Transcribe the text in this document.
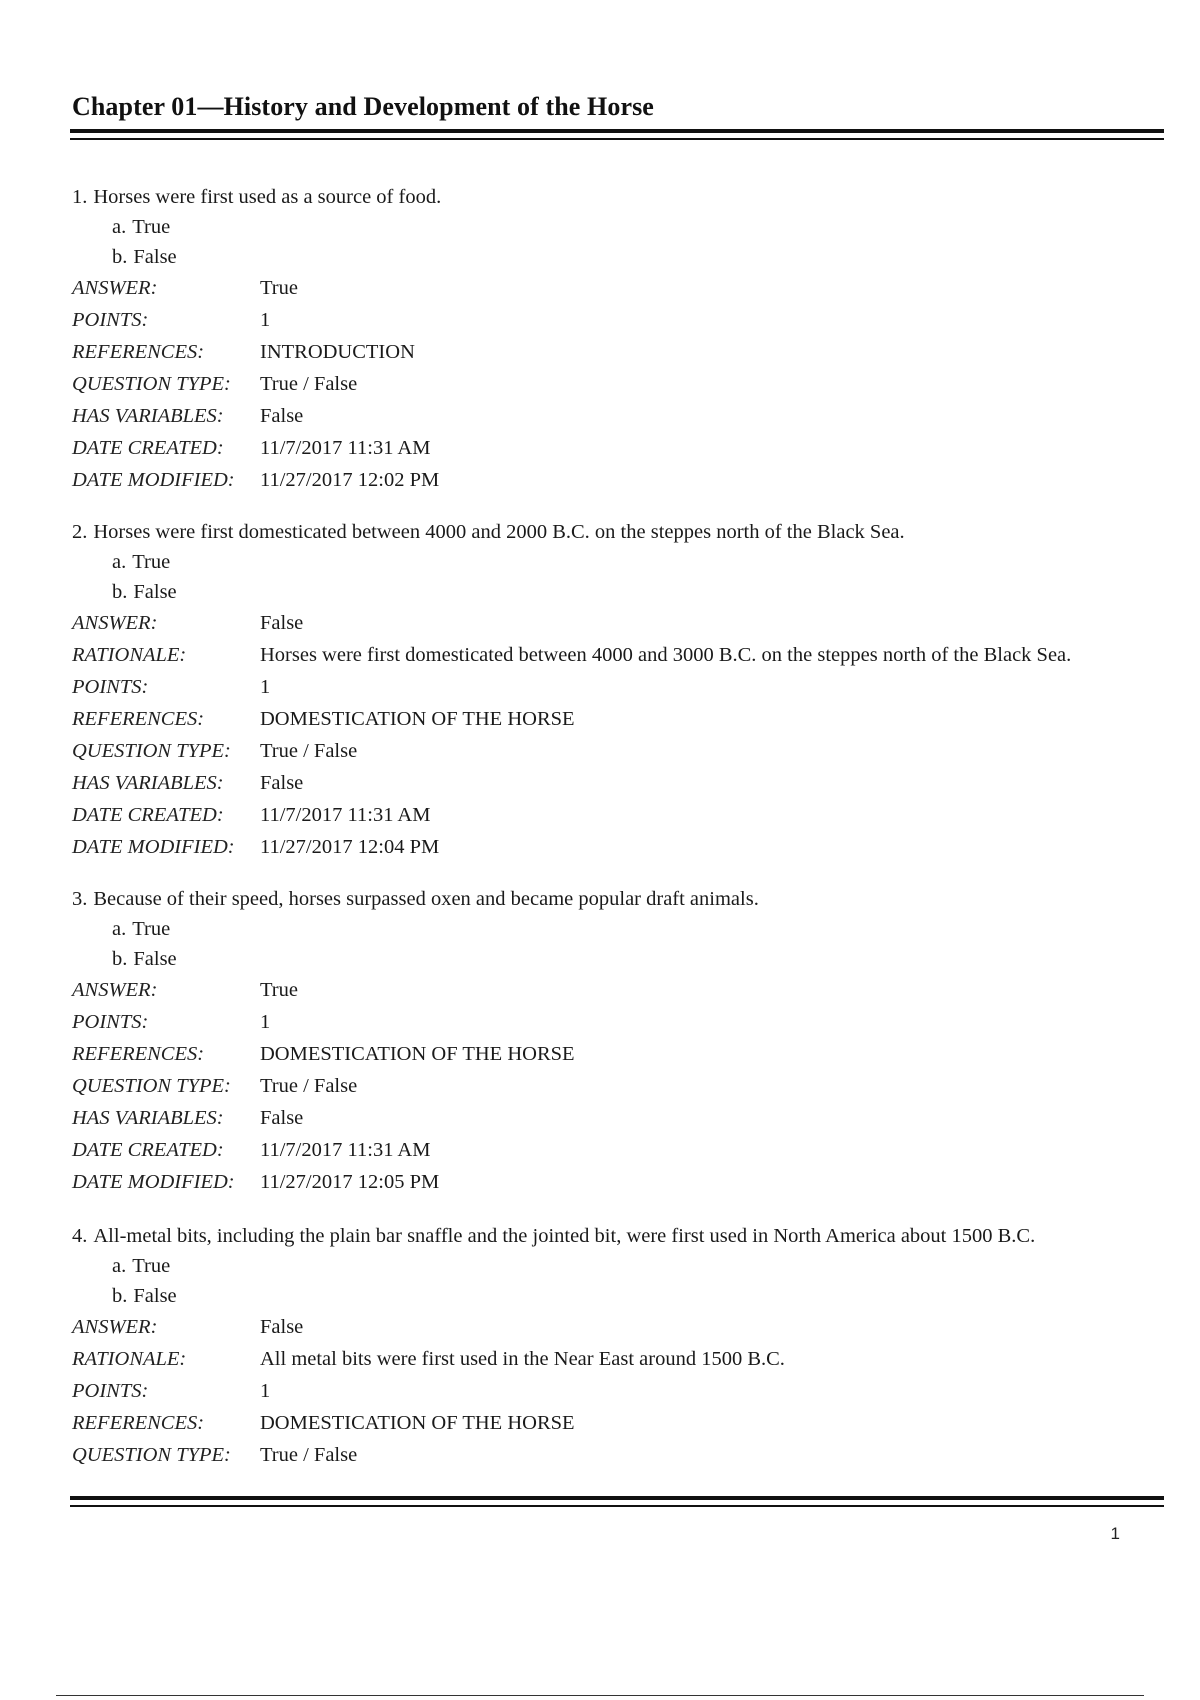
Chapter 01—History and Development of the Horse
1. Horses were first used as a source of food.
a. True
b. False
ANSWER:	True
POINTS:	1
REFERENCES:	INTRODUCTION
QUESTION TYPE:	True / False
HAS VARIABLES:	False
DATE CREATED:	11/7/2017 11:31 AM
DATE MODIFIED:	11/27/2017 12:02 PM
2. Horses were first domesticated between 4000 and 2000 B.C. on the steppes north of the Black Sea.
a. True
b. False
ANSWER:	False
RATIONALE:	Horses were first domesticated between 4000 and 3000 B.C. on the steppes north of the Black Sea.
POINTS:	1
REFERENCES:	DOMESTICATION OF THE HORSE
QUESTION TYPE:	True / False
HAS VARIABLES:	False
DATE CREATED:	11/7/2017 11:31 AM
DATE MODIFIED:	11/27/2017 12:04 PM
3. Because of their speed, horses surpassed oxen and became popular draft animals.
a. True
b. False
ANSWER:	True
POINTS:	1
REFERENCES:	DOMESTICATION OF THE HORSE
QUESTION TYPE:	True / False
HAS VARIABLES:	False
DATE CREATED:	11/7/2017 11:31 AM
DATE MODIFIED:	11/27/2017 12:05 PM
4. All-metal bits, including the plain bar snaffle and the jointed bit, were first used in North America about 1500 B.C.
a. True
b. False
ANSWER:	False
RATIONALE:	All metal bits were first used in the Near East around 1500 B.C.
POINTS:	1
REFERENCES:	DOMESTICATION OF THE HORSE
QUESTION TYPE:	True / False
1
